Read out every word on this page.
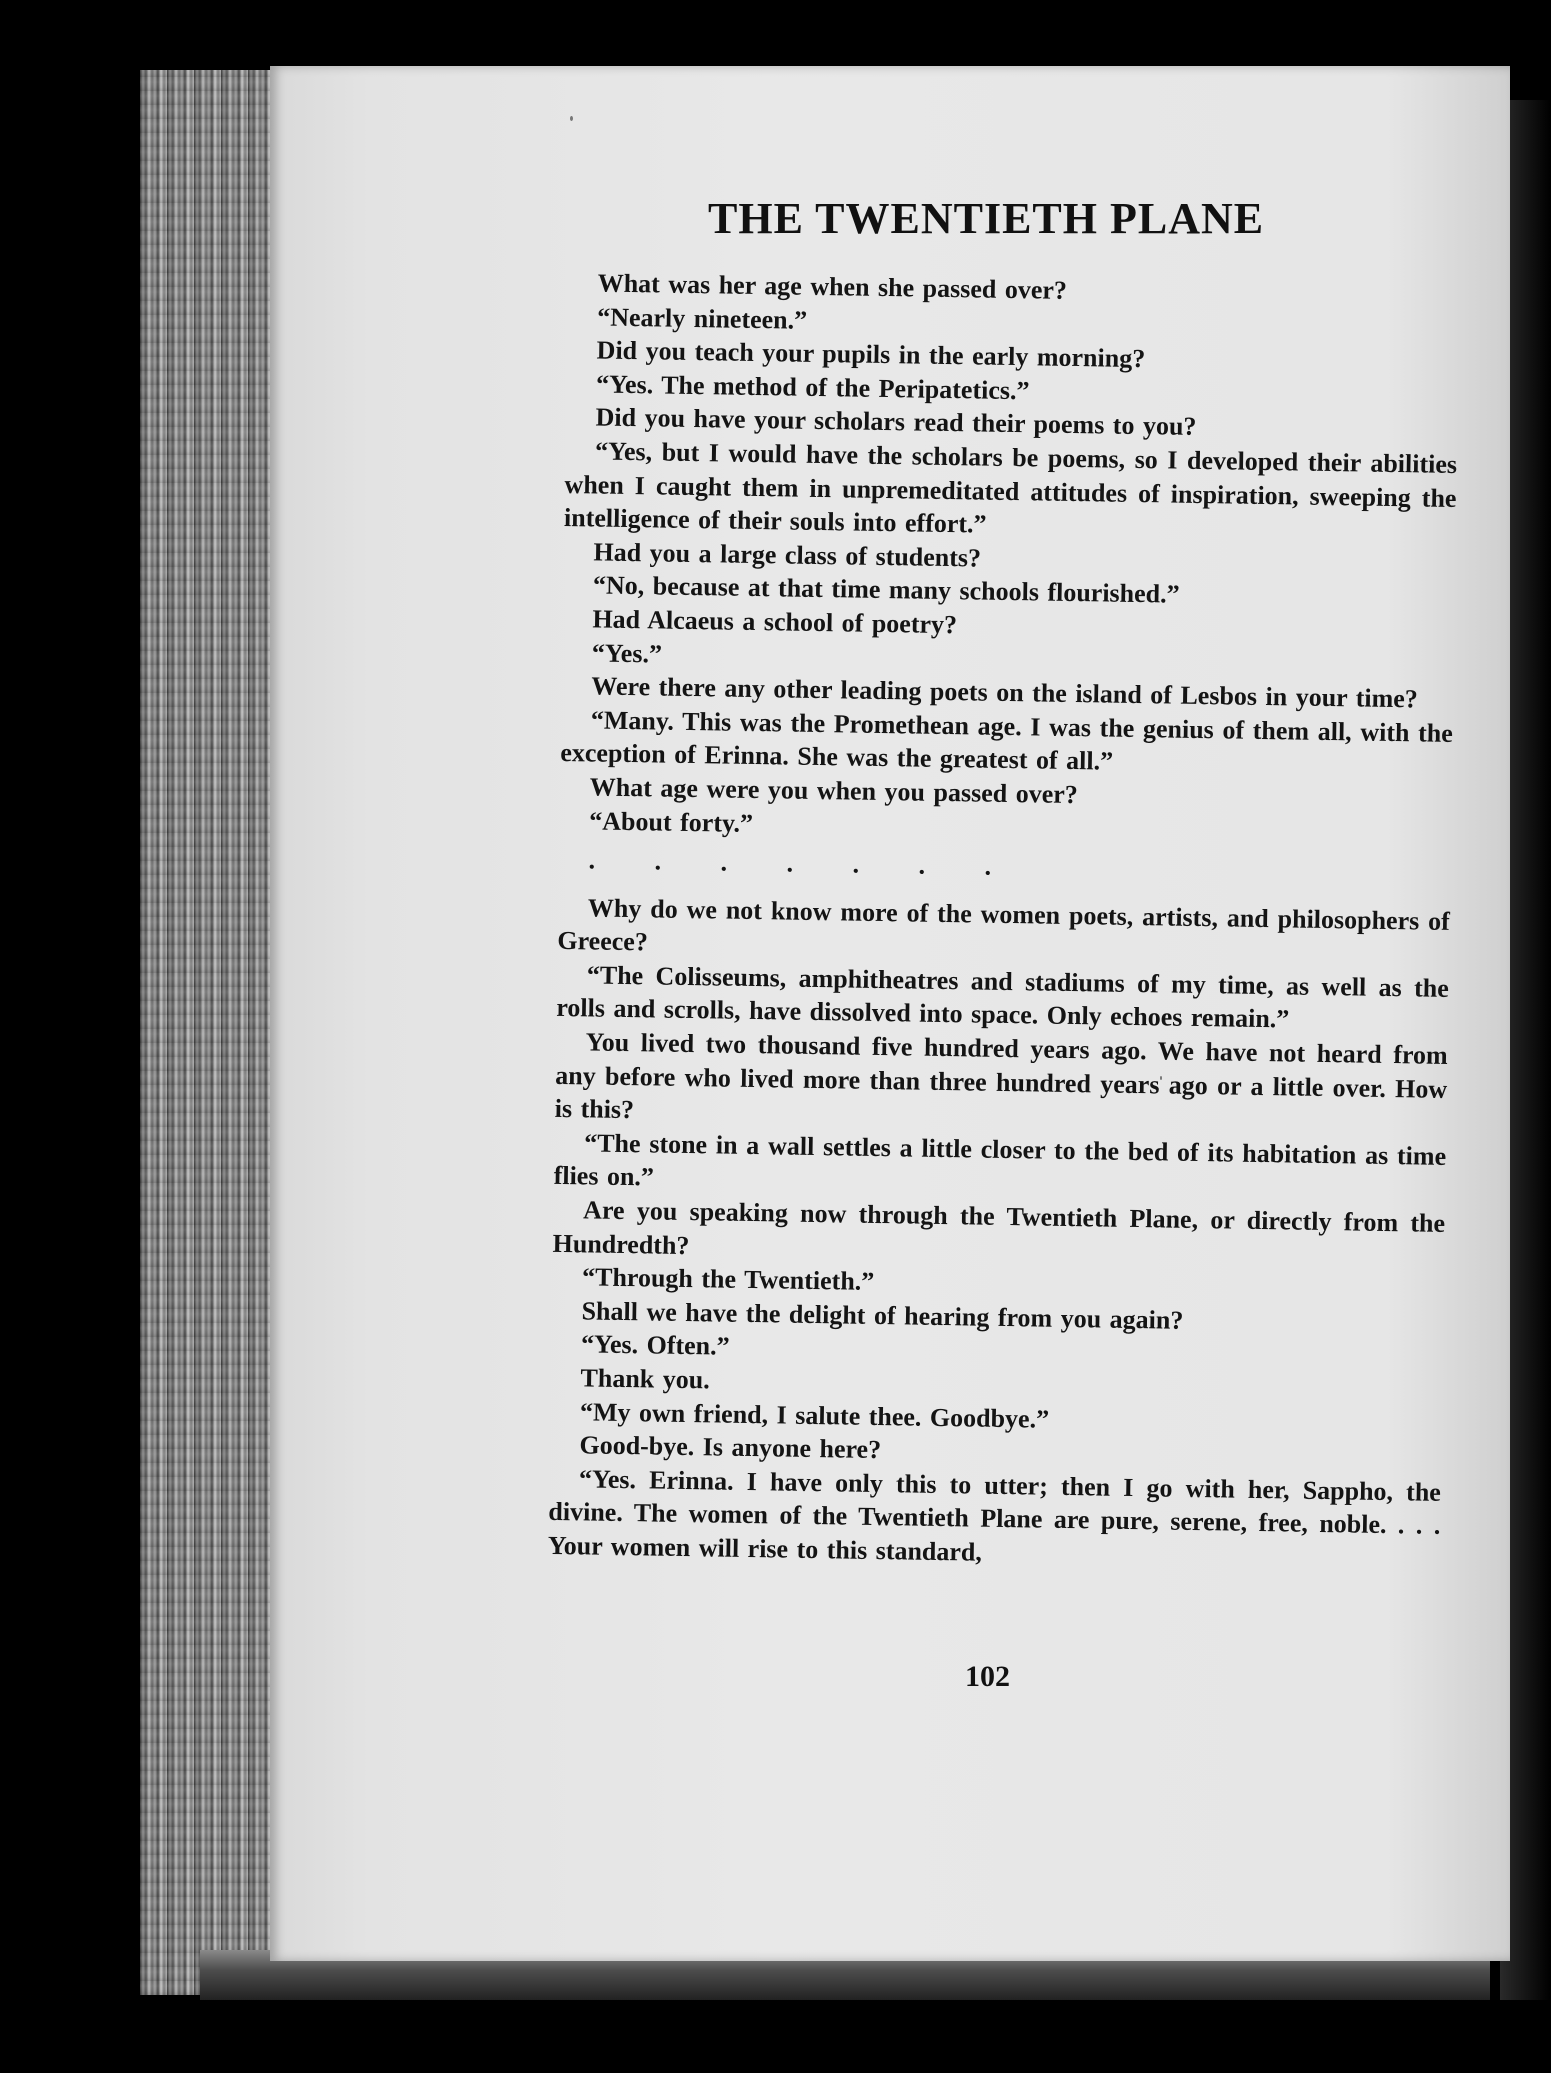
THE TWENTIETH PLANE

What was her age when she passed over?

“Nearly nineteen.”

Did you teach your pupils in the early morning?

“Yes. The method of the Peripatetics.”

Did you have your scholars read their poems to you?

“Yes, but I would have the scholars be poems, so I developed their abilities when I caught them in unpremeditated attitudes of inspiration, sweeping the intelligence of their souls into effort.”

Had you a large class of students?

“No, because at that time many schools flourished.”

Had Alcaeus a school of poetry?

“Yes.”

Were there any other leading poets on the island of Lesbos in your time?

“Many. This was the Promethean age. I was the genius of them all, with the exception of Erinna. She was the greatest of all.”

What age were you when you passed over?

“About forty.”

.       .       .       .       .       .       .

Why do we not know more of the women poets, artists, and philosophers of Greece?

“The Colisseums, amphitheatres and stadiums of my time, as well as the rolls and scrolls, have dissolved into space. Only echoes remain.”

You lived two thousand five hundred years ago. We have not heard from any before who lived more than three hundred years ago or a little over. How is this?

“The stone in a wall settles a little closer to the bed of its habitation as time flies on.”

Are you speaking now through the Twentieth Plane, or directly from the Hundredth?

“Through the Twentieth.”

Shall we have the delight of hearing from you again?

“Yes. Often.”

Thank you.

“My own friend, I salute thee. Goodbye.”

Good-bye. Is anyone here?

“Yes. Erinna. I have only this to utter; then I go with her, Sappho, the divine. The women of the Twentieth Plane are pure, serene, free, noble. . . . Your women will rise to this standard,

102
